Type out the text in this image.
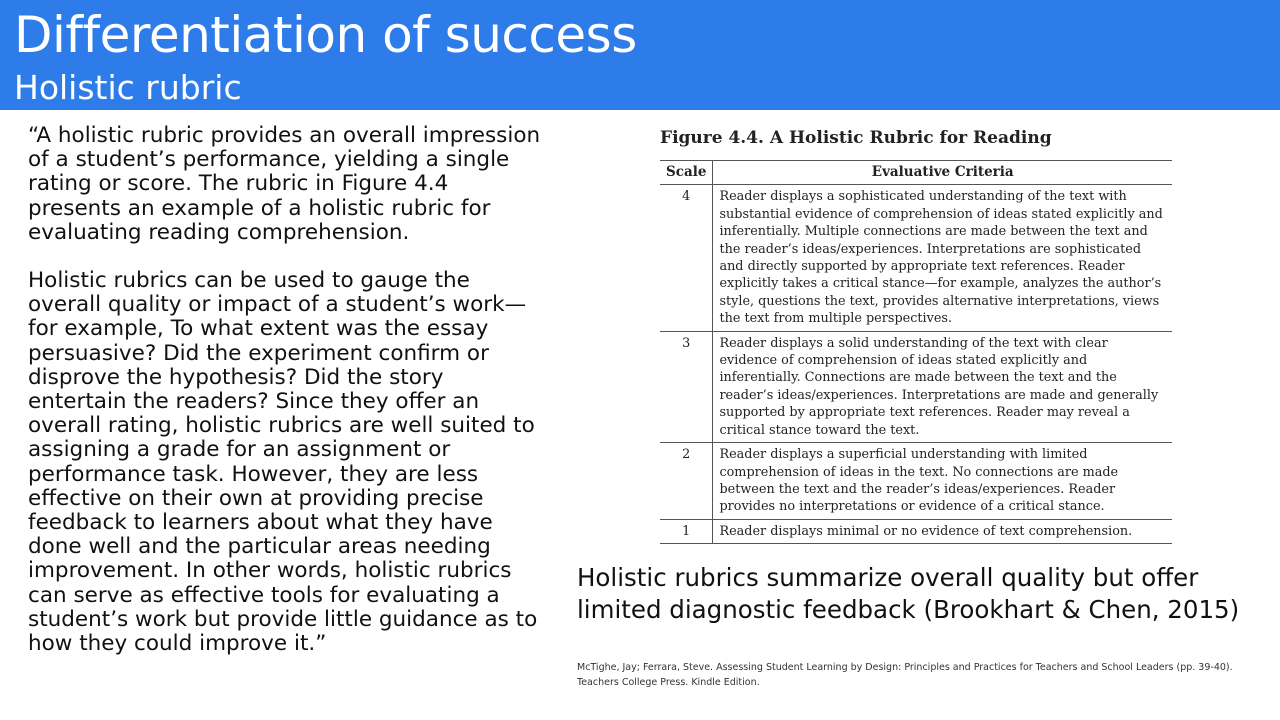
Differentiation of success
Holistic rubric

“A holistic rubric provides an overall impression of a student’s performance, yielding a single rating or score. The rubric in Figure 4.4 presents an example of a holistic rubric for evaluating reading comprehension.

Holistic rubrics can be used to gauge the overall quality or impact of a student’s work—for example, To what extent was the essay persuasive? Did the experiment confirm or disprove the hypothesis? Did the story entertain the readers? Since they offer an overall rating, holistic rubrics are well suited to assigning a grade for an assignment or performance task. However, they are less effective on their own at providing precise feedback to learners about what they have done well and the particular areas needing improvement. In other words, holistic rubrics can serve as effective tools for evaluating a student’s work but provide little guidance as to how they could improve it.”

Figure 4.4. A Holistic Rubric for Reading
Scale	Evaluative Criteria
4	Reader displays a sophisticated understanding of the text with substantial evidence of comprehension of ideas stated explicitly and inferentially. Multiple connections are made between the text and the reader’s ideas/experiences. Interpretations are sophisticated and directly supported by appropriate text references. Reader explicitly takes a critical stance—for example, analyzes the author’s style, questions the text, provides alternative interpretations, views the text from multiple perspectives.
3	Reader displays a solid understanding of the text with clear evidence of comprehension of ideas stated explicitly and inferentially. Connections are made between the text and the reader’s ideas/experiences. Interpretations are made and generally supported by appropriate text references. Reader may reveal a critical stance toward the text.
2	Reader displays a superficial understanding with limited comprehension of ideas in the text. No connections are made between the text and the reader’s ideas/experiences. Reader provides no interpretations or evidence of a critical stance.
1	Reader displays minimal or no evidence of text comprehension.
Holistic rubrics summarize overall quality but offer limited diagnostic feedback (Brookhart & Chen, 2015)
McTighe, Jay; Ferrara, Steve. Assessing Student Learning by Design: Principles and Practices for Teachers and School Leaders (pp. 39-40). Teachers College Press. Kindle Edition.
